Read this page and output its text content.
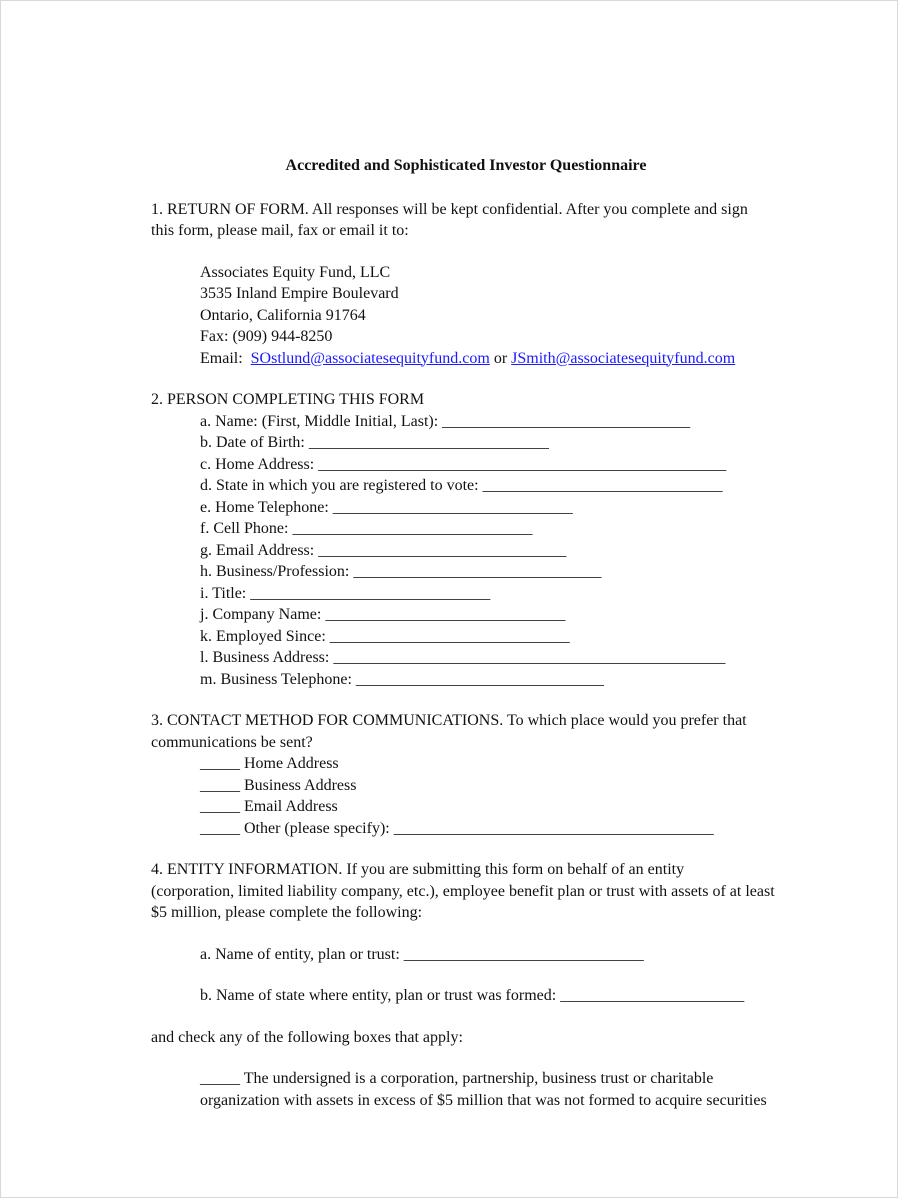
Accredited and Sophisticated Investor Questionnaire
1. RETURN OF FORM. All responses will be kept confidential. After you complete and sign
this form, please mail, fax or email it to:
Associates Equity Fund, LLC
3535 Inland Empire Boulevard
Ontario, California 91764
Fax: (909) 944-8250
Email:  SOstlund@associatesequityfund.com or JSmith@associatesequityfund.com
2. PERSON COMPLETING THIS FORM
a. Name: (First, Middle Initial, Last): _______________________________
b. Date of Birth: ______________________________
c. Home Address: ___________________________________________________
d. State in which you are registered to vote: ______________________________
e. Home Telephone: ______________________________
f. Cell Phone: ______________________________
g. Email Address: _______________________________
h. Business/Profession: _______________________________
i. Title: ______________________________
j. Company Name: ______________________________
k. Employed Since: ______________________________
l. Business Address: _________________________________________________
m. Business Telephone: _______________________________
3. CONTACT METHOD FOR COMMUNICATIONS. To which place would you prefer that
communications be sent?
_____ Home Address
_____ Business Address
_____ Email Address
_____ Other (please specify): ________________________________________
4. ENTITY INFORMATION. If you are submitting this form on behalf of an entity
(corporation, limited liability company, etc.), employee benefit plan or trust with assets of at least
$5 million, please complete the following:
a. Name of entity, plan or trust: ______________________________
b. Name of state where entity, plan or trust was formed: _______________________
and check any of the following boxes that apply:
_____ The undersigned is a corporation, partnership, business trust or charitable
organization with assets in excess of $5 million that was not formed to acquire securities
